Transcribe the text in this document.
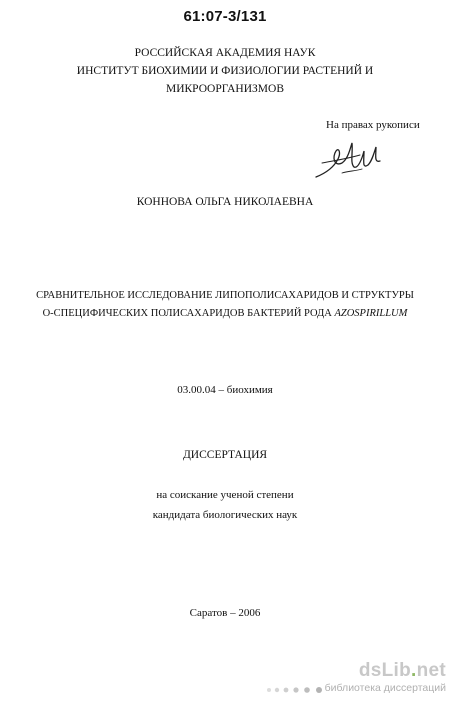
61:07-3/131
РОССИЙСКАЯ АКАДЕМИЯ НАУК
ИНСТИТУТ БИОХИМИИ И ФИЗИОЛОГИИ РАСТЕНИЙ И
МИКРООРГАНИЗМОВ
На правах рукописи
КОННОВА ОЛЬГА НИКОЛАЕВНА
СРАВНИТЕЛЬНОЕ ИССЛЕДОВАНИЕ ЛИПОПОЛИСАХАРИДОВ И СТРУКТУРЫ
О-СПЕЦИФИЧЕСКИХ ПОЛИСАХАРИДОВ БАКТЕРИЙ РОДА AZOSPIRILLUM
03.00.04 – биохимия
ДИССЕРТАЦИЯ
на соискание ученой степени
кандидата биологических наук
Саратов – 2006
dsLib.net
библиотека диссертаций
